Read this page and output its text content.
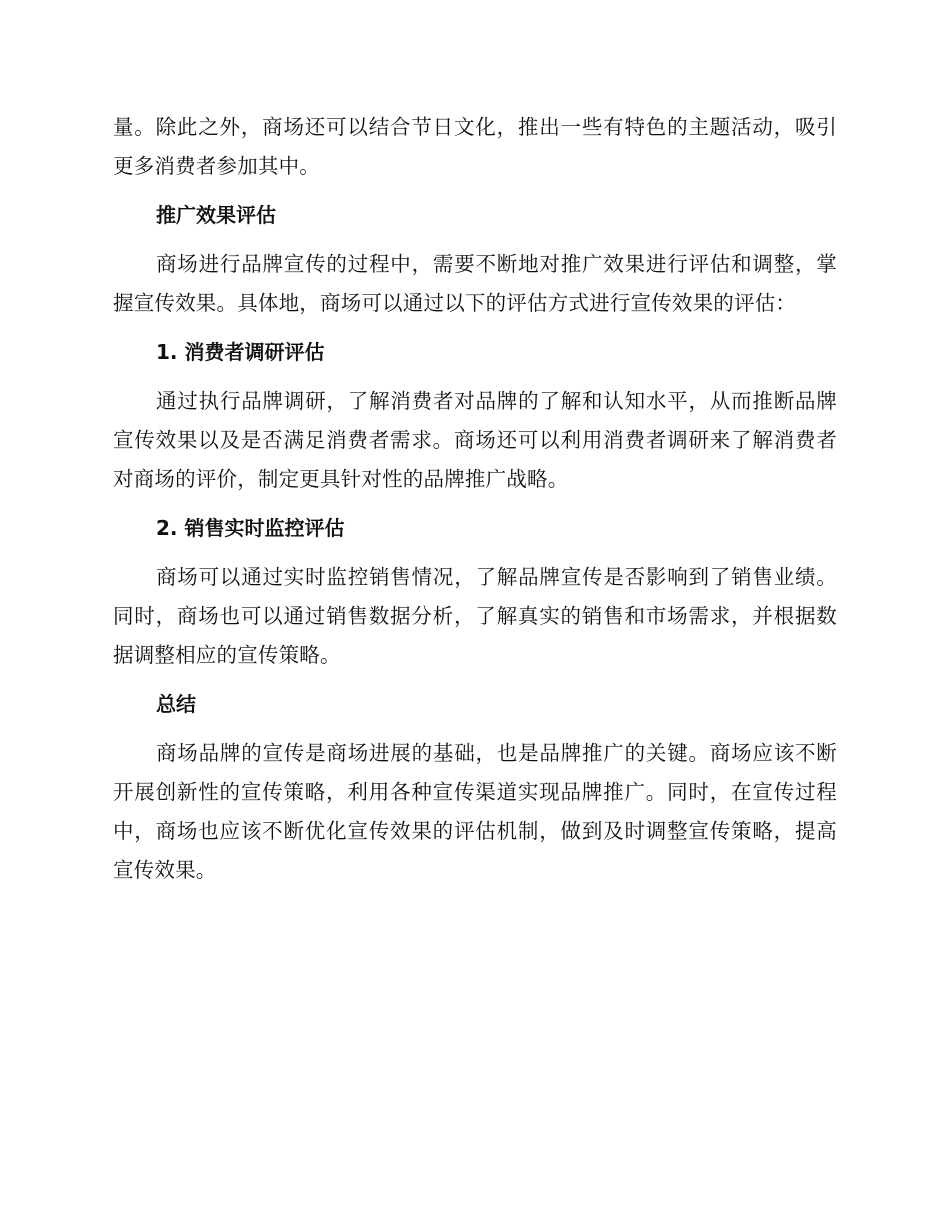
量。除此之外，商场还可以结合节日文化，推出一些有特色的主题活动，吸引更多消费者参加其中。

推广效果评估

商场进行品牌宣传的过程中，需要不断地对推广效果进行评估和调整，掌握宣传效果。具体地，商场可以通过以下的评估方式进行宣传效果的评估：

1. 消费者调研评估

通过执行品牌调研，了解消费者对品牌的了解和认知水平，从而推断品牌宣传效果以及是否满足消费者需求。商场还可以利用消费者调研来了解消费者对商场的评价，制定更具针对性的品牌推广战略。

2. 销售实时监控评估

商场可以通过实时监控销售情况，了解品牌宣传是否影响到了销售业绩。同时，商场也可以通过销售数据分析，了解真实的销售和市场需求，并根据数据调整相应的宣传策略。

总结

商场品牌的宣传是商场进展的基础，也是品牌推广的关键。商场应该不断开展创新性的宣传策略，利用各种宣传渠道实现品牌推广。同时，在宣传过程中，商场也应该不断优化宣传效果的评估机制，做到及时调整宣传策略，提高宣传效果。
